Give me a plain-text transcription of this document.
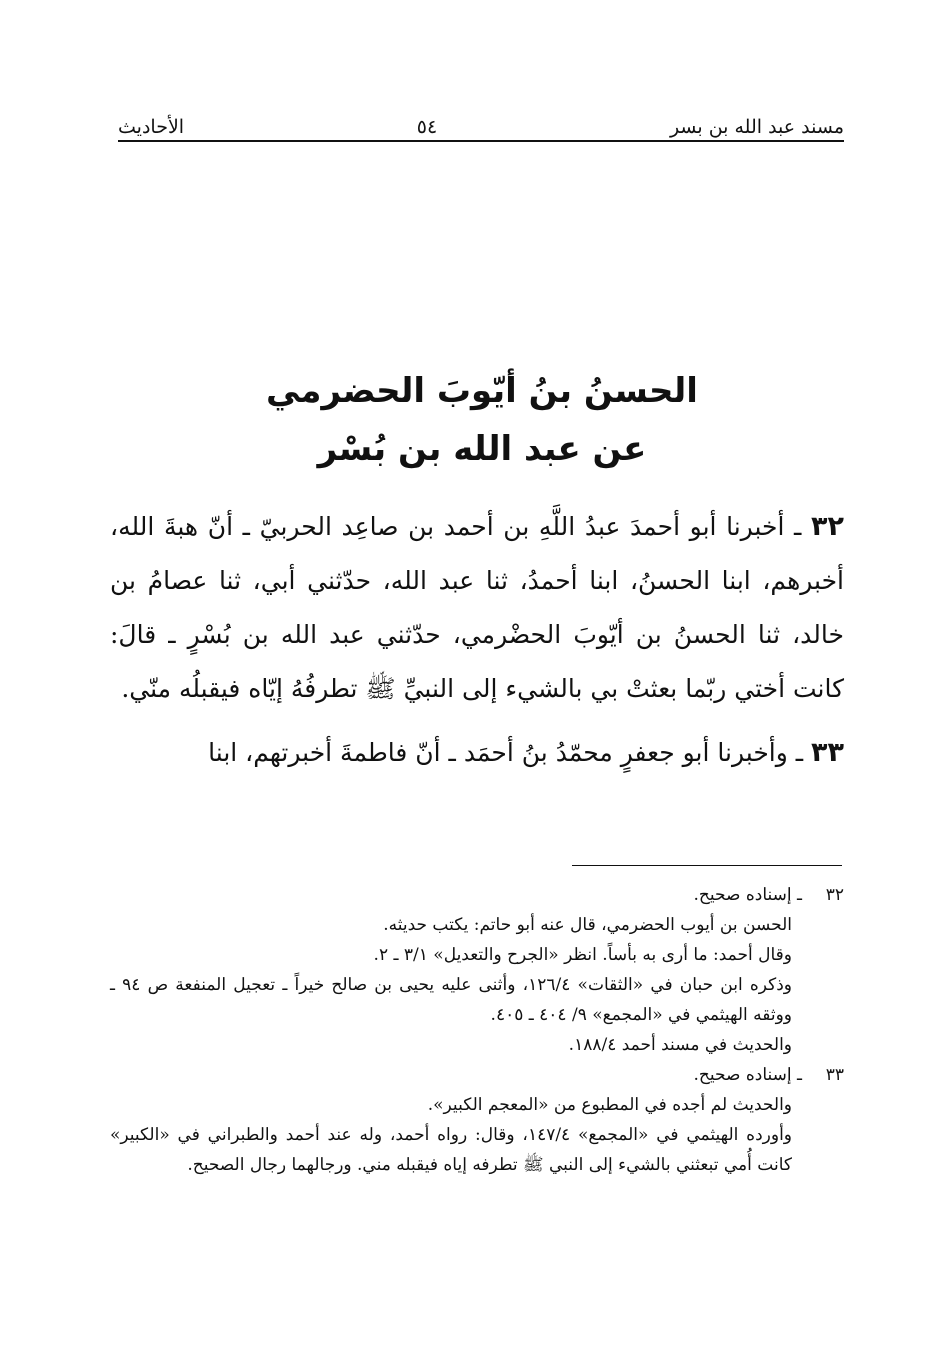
مسند عبد الله بن بسر
٥٤
الأحاديث
الحسنُ بنُ أيّوبَ الحضرمي
عن عبد الله بن بُسْر

٣٢ ـ أخبرنا أبو أحمدَ عبدُ اللَّهِ بن أحمد بن صاعِد الحربيّ ـ أنّ هبةَ الله، أخبرهم، ابنا الحسنُ، ابنا أحمدُ، ثنا عبد الله، حدّثني أبي، ثنا عصامُ بن خالد، ثنا الحسنُ بن أيّوبَ الحضْرمي، حدّثني عبد الله بن بُسْرٍ ـ قالَ: كانت أختي ربّما بعثتْ بي بالشيء إلى النبيِّ ﷺ تطرفُهُ إيّاه فيقبلُه منّي.

٣٣ ـ وأخبرنا أبو جعفرٍ محمّدُ بنُ أحمَد ـ أنّ فاطمةَ أخبرتهم، ابنا

٣٢
ـ إسناده صحيح.
الحسن بن أيوب الحضرمي، قال عنه أبو حاتم: يكتب حديثه.
وقال أحمد: ما أرى به بأساً. انظر «الجرح والتعديل» ٣/١ ـ ٢.
وذكره ابن حبان في «الثقات» ١٢٦/٤، وأثنى عليه يحيى بن صالح خيراً ـ تعجيل المنفعة ص ٩٤ ـ ووثقه الهيثمي في «المجمع» ٩/ ٤٠٤ ـ ٤٠٥.
والحديث في مسند أحمد ١٨٨/٤.
٣٣
ـ إسناده صحيح.
والحديث لم أجده في المطبوع من «المعجم الكبير».
وأورده الهيثمي في «المجمع» ١٤٧/٤، وقال: رواه أحمد، وله عند أحمد والطبراني في «الكبير» كانت أُمي تبعثني بالشيء إلى النبي ﷺ تطرفه إياه فيقبله مني. ورجالهما رجال الصحيح.
